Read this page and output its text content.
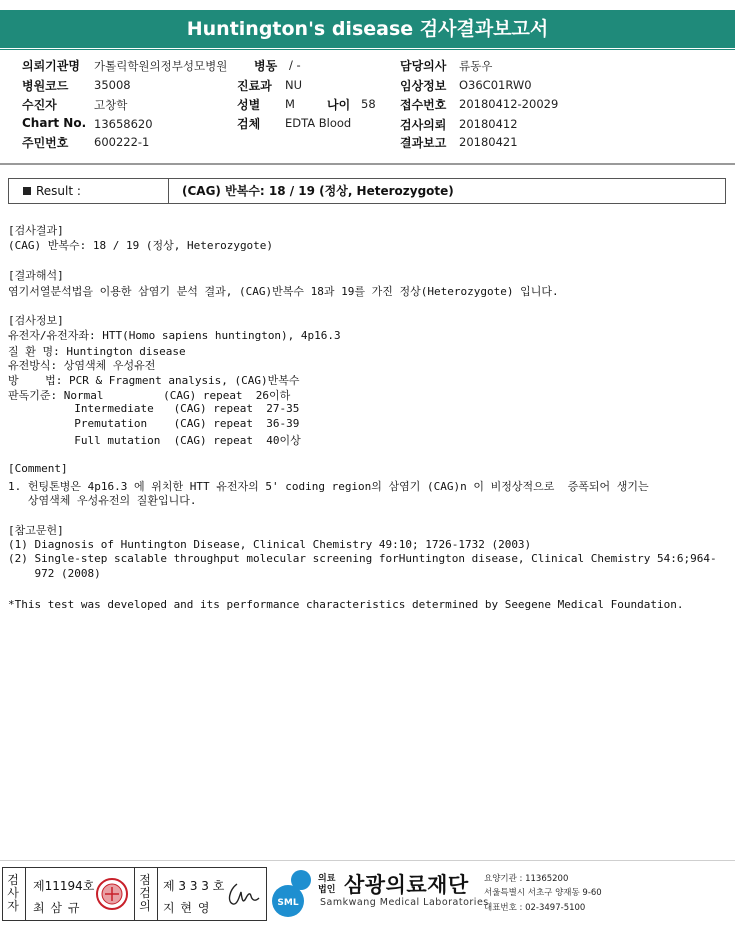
Huntington's disease 검사결과보고서
의뢰기관명 가톨릭학원의정부성모병원 병동 / -	담당의사 류동우
병원코드 35008	진료과 NU	임상정보 O36C01RW0
수진자	고창학	성별 M	나이 58 접수번호 20180412-20029
Chart No. 13658620	검체 EDTA Blood	검사의뢰 20180412
주민번호 600222-1	결과보고 20180421
Result :	(CAG) 반복수: 18 / 19 (정상, Heterozygote)
[검사결과]
(CAG) 반복수: 18 / 19 (정상, Heterozygote)
[결과해석]
염기서열분석법을 이용한 삼염기 분석 결과, (CAG)반복수 18과 19를 가진 정상(Heterozygote) 입니다.
[검사정보]
유전자/유전자좌: HTT(Homo sapiens huntington), 4p16.3
질 환 명: Huntington disease
유전방식: 상염색체 우성유전
방    법: PCR & Fragment analysis, (CAG)반복수
판독기준: Normal         (CAG) repeat  26이하
Intermediate   (CAG) repeat  27-35
Premutation    (CAG) repeat  36-39
Full mutation  (CAG) repeat  40이상
[Comment]
1. 헌팅톤병은 4p16.3 에 위치한 HTT 유전자의 5' coding region의 삼염기 (CAG)n 이 비정상적으로  증폭되어 생기는
상염색체 우성유전의 질환입니다.
[참고문헌]
(1) Diagnosis of Huntington Disease, Clinical Chemistry 49:10; 1726-1732 (2003)
(2) Single-step scalable throughput molecular screening forHuntington disease, Clinical Chemistry 54:6;964-
972 (2008)
*This test was developed and its performance characteristics determined by Seegene Medical Foundation.
검
사
자
제11194호
최 삼 규
점
검
의
제 3 3 3 호
지 현 영	SML
의료
법인 삼광의료재단
Samkwang Medical Laboratories
요양기관 : 11365200
서울특별시 서초구 양재동 9-60
대표번호 : 02-3497-5100
